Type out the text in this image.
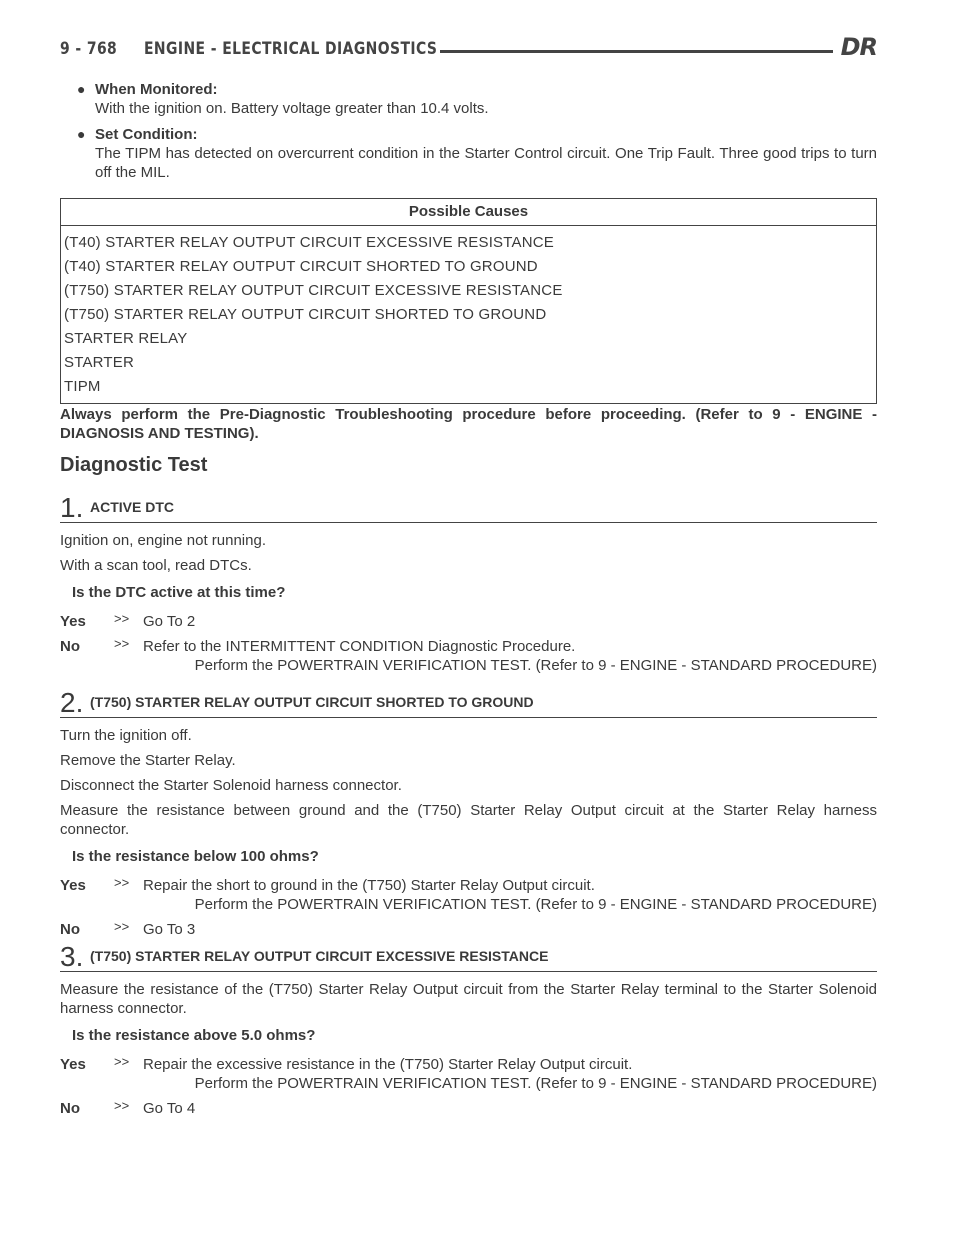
9 - 768 ENGINE - ELECTRICAL DIAGNOSTICS	DR
● When Monitored:
With the ignition on. Battery voltage greater than 10.4 volts.
● Set Condition:
The TIPM has detected on overcurrent condition in the Starter Control circuit. One Trip Fault. Three good trips to turn off the MIL.
Possible Causes
(T40) STARTER RELAY OUTPUT CIRCUIT EXCESSIVE RESISTANCE
(T40) STARTER RELAY OUTPUT CIRCUIT SHORTED TO GROUND
(T750) STARTER RELAY OUTPUT CIRCUIT EXCESSIVE RESISTANCE
(T750) STARTER RELAY OUTPUT CIRCUIT SHORTED TO GROUND
STARTER RELAY
STARTER
TIPM
Always perform the Pre-Diagnostic Troubleshooting procedure before proceeding. (Refer to 9 - ENGINE - DIAGNOSIS AND TESTING).
Diagnostic Test
1. ACTIVE DTC
Ignition on, engine not running.
With a scan tool, read DTCs.
Is the DTC active at this time?
Yes >> Go To 2
No	>> Refer to the INTERMITTENT CONDITION Diagnostic Procedure.
Perform the POWERTRAIN VERIFICATION TEST. (Refer to 9 - ENGINE - STANDARD PROCEDURE)
2. (T750) STARTER RELAY OUTPUT CIRCUIT SHORTED TO GROUND
Turn the ignition off.
Remove the Starter Relay.
Disconnect the Starter Solenoid harness connector.
Measure the resistance between ground and the (T750) Starter Relay Output circuit at the Starter Relay harness connector.
Is the resistance below 100 ohms?
Yes >> Repair the short to ground in the (T750) Starter Relay Output circuit.
Perform the POWERTRAIN VERIFICATION TEST. (Refer to 9 - ENGINE - STANDARD PROCEDURE)
No	>> Go To 3
3. (T750) STARTER RELAY OUTPUT CIRCUIT EXCESSIVE RESISTANCE
Measure the resistance of the (T750) Starter Relay Output circuit from the Starter Relay terminal to the Starter Solenoid harness connector.
Is the resistance above 5.0 ohms?
Yes >> Repair the excessive resistance in the (T750) Starter Relay Output circuit.
Perform the POWERTRAIN VERIFICATION TEST. (Refer to 9 - ENGINE - STANDARD PROCEDURE)
No	>> Go To 4
